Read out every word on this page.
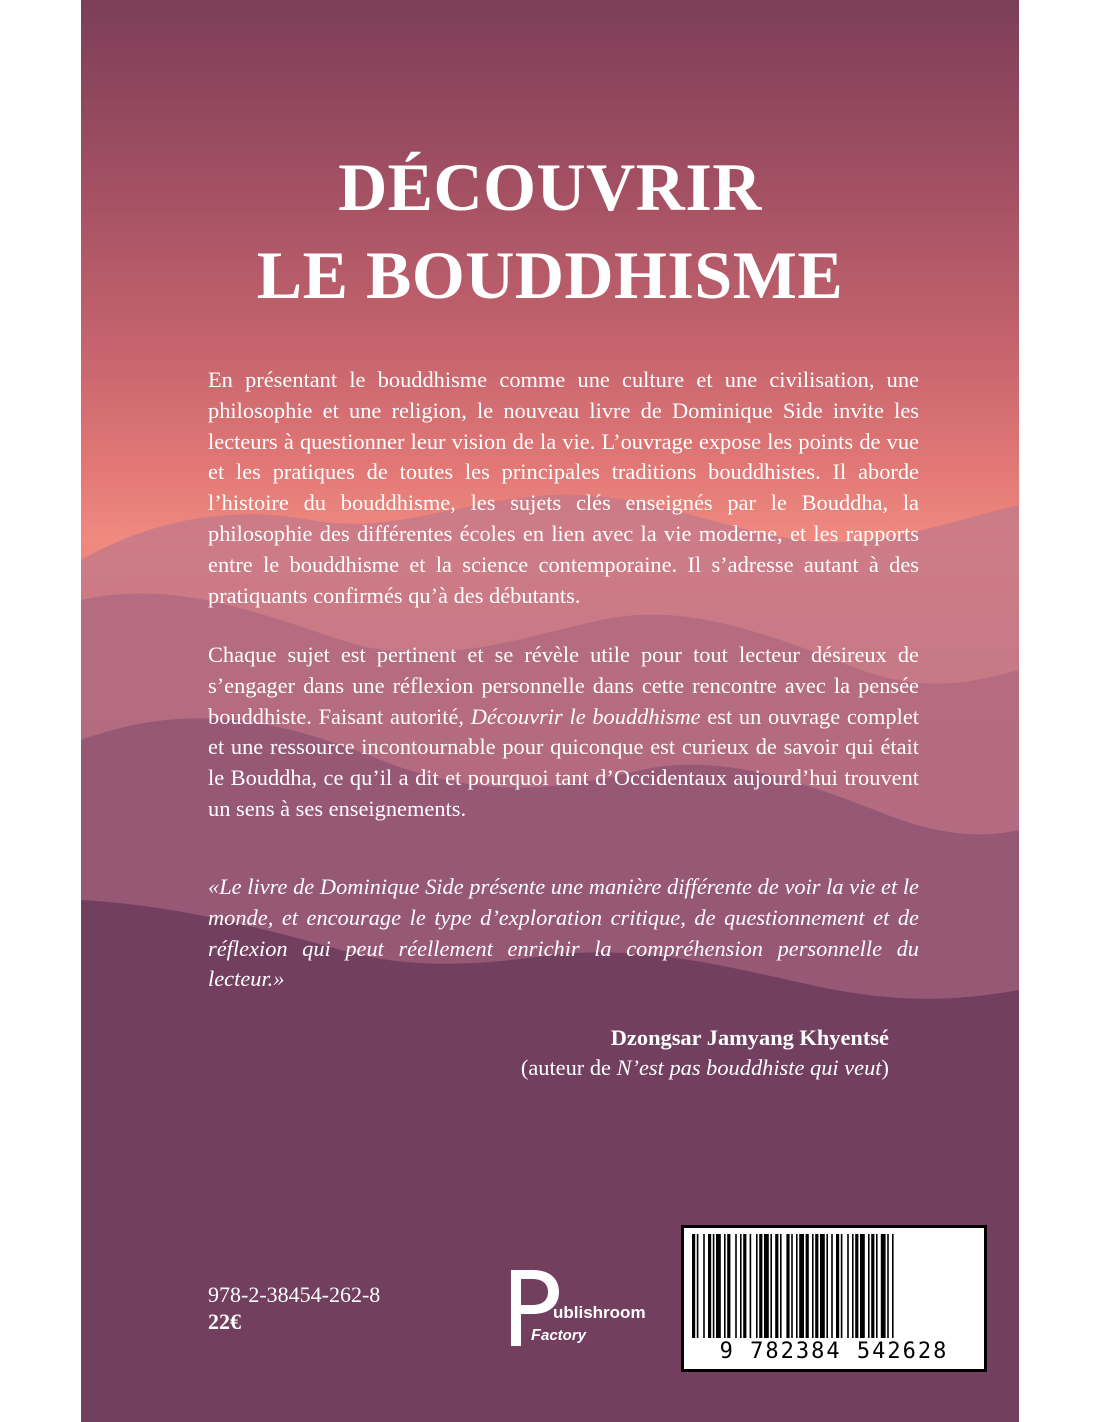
DÉCOUVRIR
LE BOUDDHISME

En présentant le bouddhisme comme une culture et une civilisation, une philosophie et une religion, le nouveau livre de Dominique Side invite les lecteurs à questionner leur vision de la vie. L’ouvrage expose les points de vue et les pratiques de toutes les principales traditions bouddhistes. Il aborde l’histoire du bouddhisme, les sujets clés enseignés par le Bouddha, la philosophie des différentes écoles en lien avec la vie moderne, et les rapports entre le bouddhisme et la science contemporaine. Il s’adresse autant à des pratiquants confirmés qu’à des débutants.

Chaque sujet est pertinent et se révèle utile pour tout lecteur désireux de s’engager dans une réflexion personnelle dans cette rencontre avec la pensée bouddhiste. Faisant autorité, Découvrir le bouddhisme est un ouvrage complet et une ressource incontournable pour quiconque est curieux de savoir qui était le Bouddha, ce qu’il a dit et pourquoi tant d’Occidentaux aujourd’hui trouvent un sens à ses enseignements.

«Le livre de Dominique Side présente une manière différente de voir la vie et le monde, et encourage le type d’exploration critique, de questionnement et de réflexion qui peut réellement enrichir la compréhension personnelle du lecteur.»

Dzongsar Jamyang Khyentsé
(auteur de N’est pas bouddhiste qui veut)

978-2-38454-262-8
22€	ublishroom
F actory
9 782384 542628
